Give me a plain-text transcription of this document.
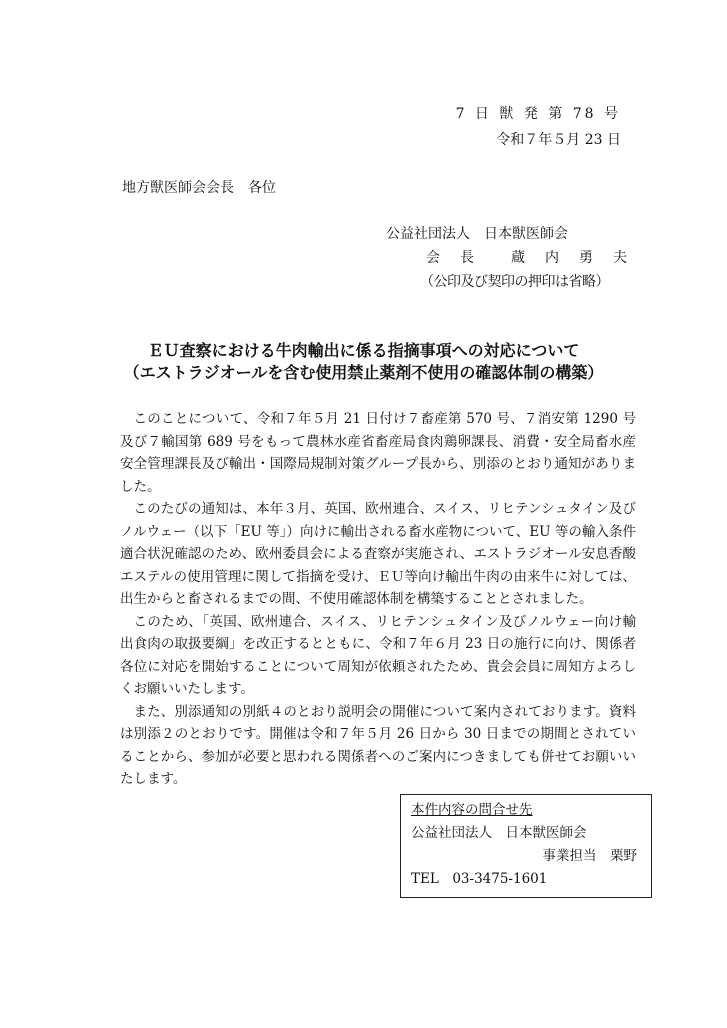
7 日 獣 発 第 78 号
令和７年５月 23 日
地方獣医師会会長　各位
公益社団法人　日本獣医師会
会　長　　蔵　内　勇　夫
（公印及び契印の押印は省略）
ＥＵ査察における牛肉輸出に係る指摘事項への対応について
（エストラジオールを含む使用禁止薬剤不使用の確認体制の構築）

このことについて、令和７年５月 21 日付け７畜産第 570 号、７消安第 1290 号及び７輸国第 689 号をもって農林水産省畜産局食肉鶏卵課長、消費・安全局畜水産安全管理課長及び輸出・国際局規制対策グループ長から、別添のとおり通知がありました。

このたびの通知は、本年３月、英国、欧州連合、スイス、リヒテンシュタイン及びノルウェー（以下「EU 等」）向けに輸出される畜水産物について、EU 等の輸入条件適合状況確認のため、欧州委員会による査察が実施され、エストラジオール安息香酸エステルの使用管理に関して指摘を受け、ＥＵ等向け輸出牛肉の由来牛に対しては、出生からと畜されるまでの間、不使用確認体制を構築することとされました。

このため、「英国、欧州連合、スイス、リヒテンシュタイン及びノルウェー向け輸出食肉の取扱要綱」を改正するとともに、令和７年６月 23 日の施行に向け、関係者各位に対応を開始することについて周知が依頼されたため、貴会会員に周知方よろしくお願いいたします。

また、別添通知の別紙４のとおり説明会の開催について案内されております。資料は別添２のとおりです。開催は令和７年５月 26 日から 30 日までの期間とされていることから、参加が必要と思われる関係者へのご案内につきましても併せてお願いいたします。

本件内容の問合せ先
公益社団法人　日本獣医師会
事業担当　栗野
TEL　03-3475-1601
